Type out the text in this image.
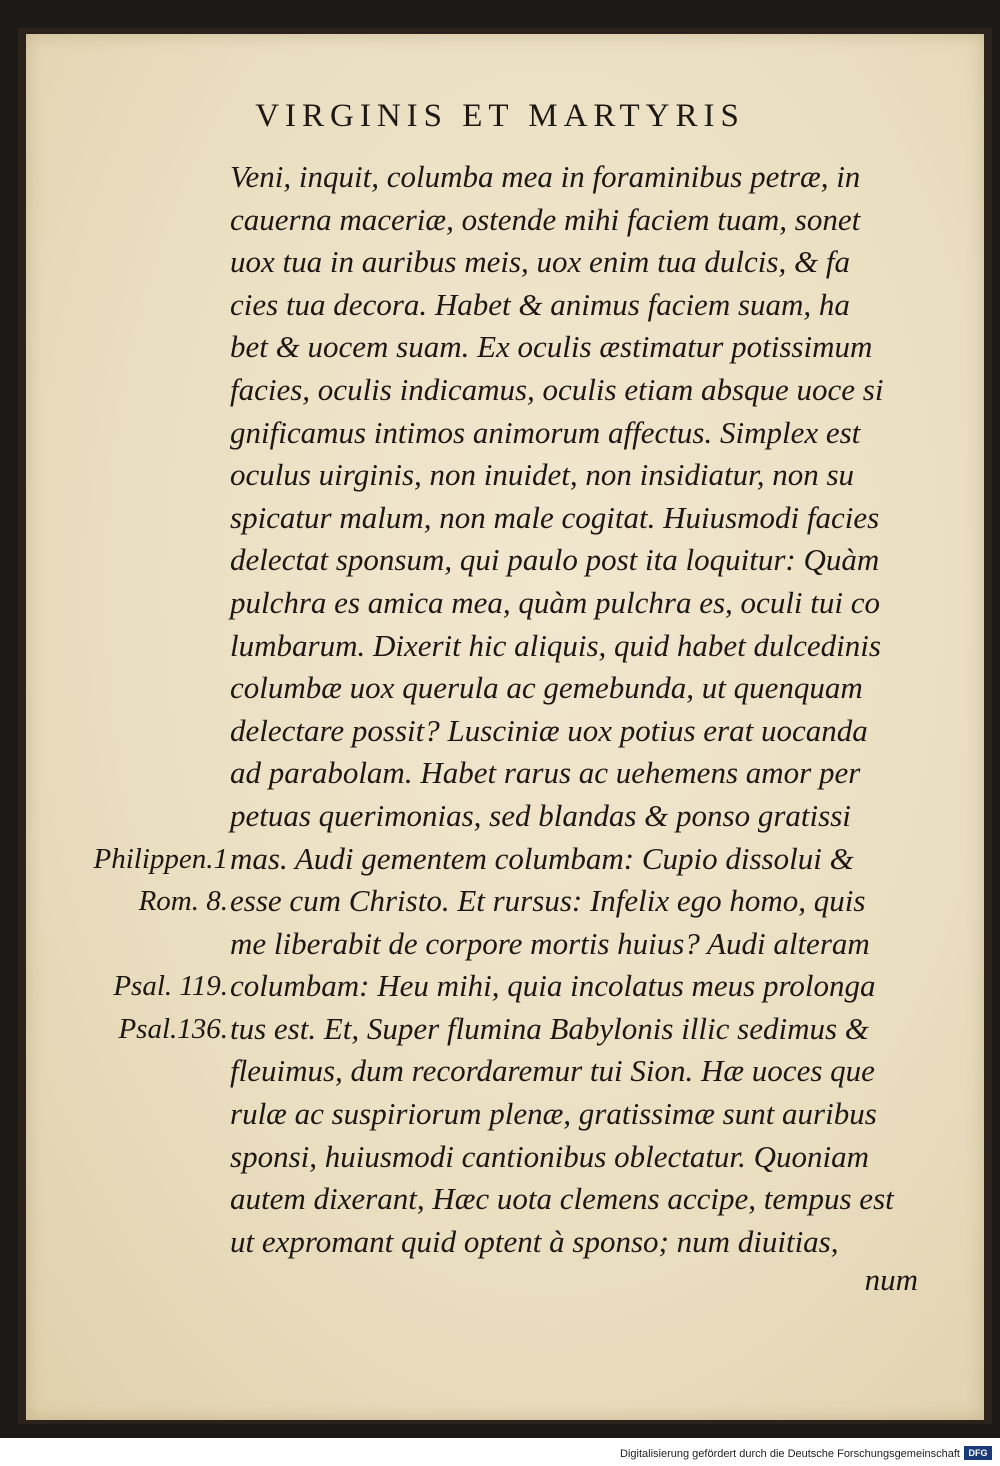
VIRGINIS ET MARTYRIS
Philippen.1
Rom. 8.
Psal. 119.
Psal.136.
Veni, inquit, columba mea in foraminibus petræ, in
cauerna maceriæ, ostende mihi faciem tuam, sonet
uox tua in auribus meis, uox enim tua dulcis, & fa
cies tua decora. Habet & animus faciem suam, ha
bet & uocem suam. Ex oculis æstimatur potissimum
facies, oculis indicamus, oculis etiam absque uoce si
gnificamus intimos animorum affectus. Simplex est
oculus uirginis, non inuidet, non insidiatur, non su
spicatur malum, non male cogitat. Huiusmodi facies
delectat sponsum, qui paulo post ita loquitur: Quàm
pulchra es amica mea, quàm pulchra es, oculi tui co
lumbarum. Dixerit hic aliquis, quid habet dulcedinis
columbæ uox querula ac gemebunda, ut quenquam
delectare possit? Lusciniæ uox potius erat uocanda
ad parabolam. Habet rarus ac uehemens amor per
petuas querimonias, sed blandas & ponso gratissi
mas. Audi gementem columbam: Cupio dissolui &
esse cum Christo. Et rursus: Infelix ego homo, quis
me liberabit de corpore mortis huius? Audi alteram
columbam: Heu mihi, quia incolatus meus prolonga
tus est. Et, Super flumina Babylonis illic sedimus &
fleuimus, dum recordaremur tui Sion. Hæ uoces que
rulæ ac suspiriorum plenæ, gratissimæ sunt auribus
sponsi, huiusmodi cantionibus oblectatur. Quoniam
autem dixerant, Hæc uota clemens accipe, tempus est
ut expromant quid optent à sponso; num diuitias,
num
Digitalisierung gefördert durch die Deutsche Forschungsgemeinschaft DFG
